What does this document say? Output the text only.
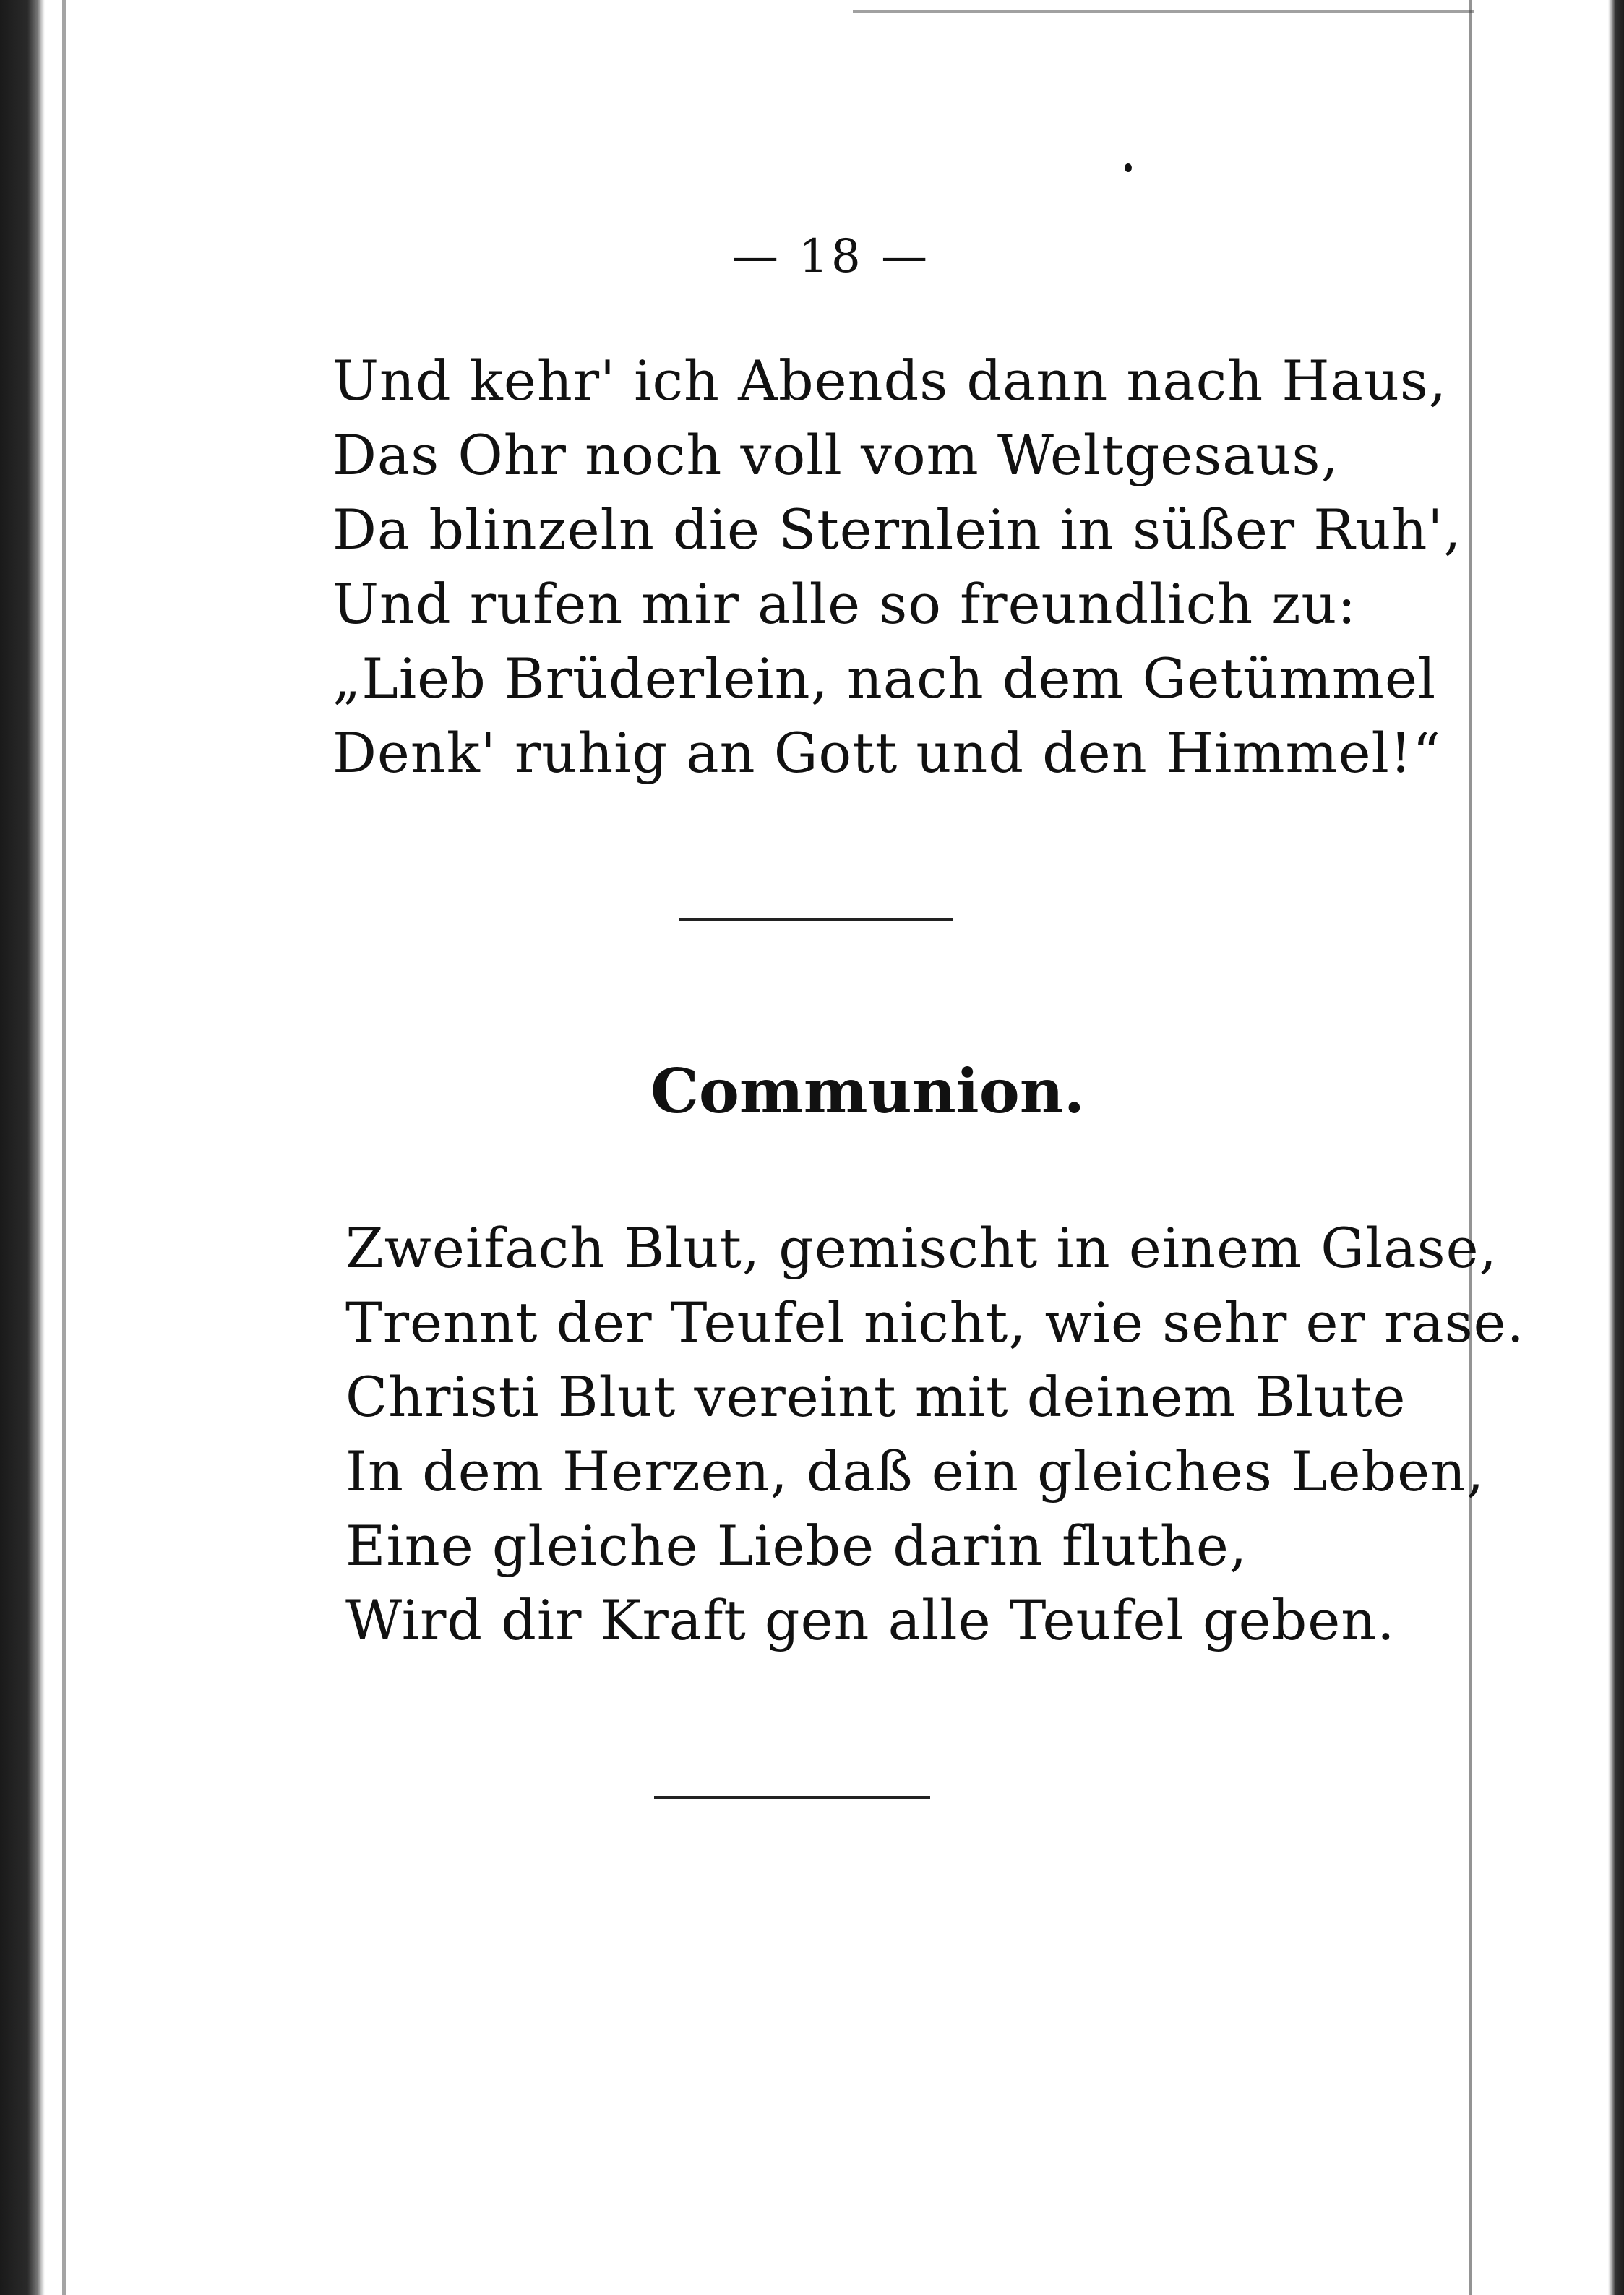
— 18 —
Und kehr' ich Abends dann nach Haus,
Das Ohr noch voll vom Weltgesaus,
Da blinzeln die Sternlein in süßer Ruh',
Und rufen mir alle so freundlich zu:
„Lieb Brüderlein, nach dem Getümmel
Denk' ruhig an Gott und den Himmel!“
Communion.
Zweifach Blut, gemischt in einem Glase,
Trennt der Teufel nicht, wie sehr er rase.
Christi Blut vereint mit deinem Blute
In dem Herzen, daß ein gleiches Leben,
Eine gleiche Liebe darin fluthe,
Wird dir Kraft gen alle Teufel geben.
